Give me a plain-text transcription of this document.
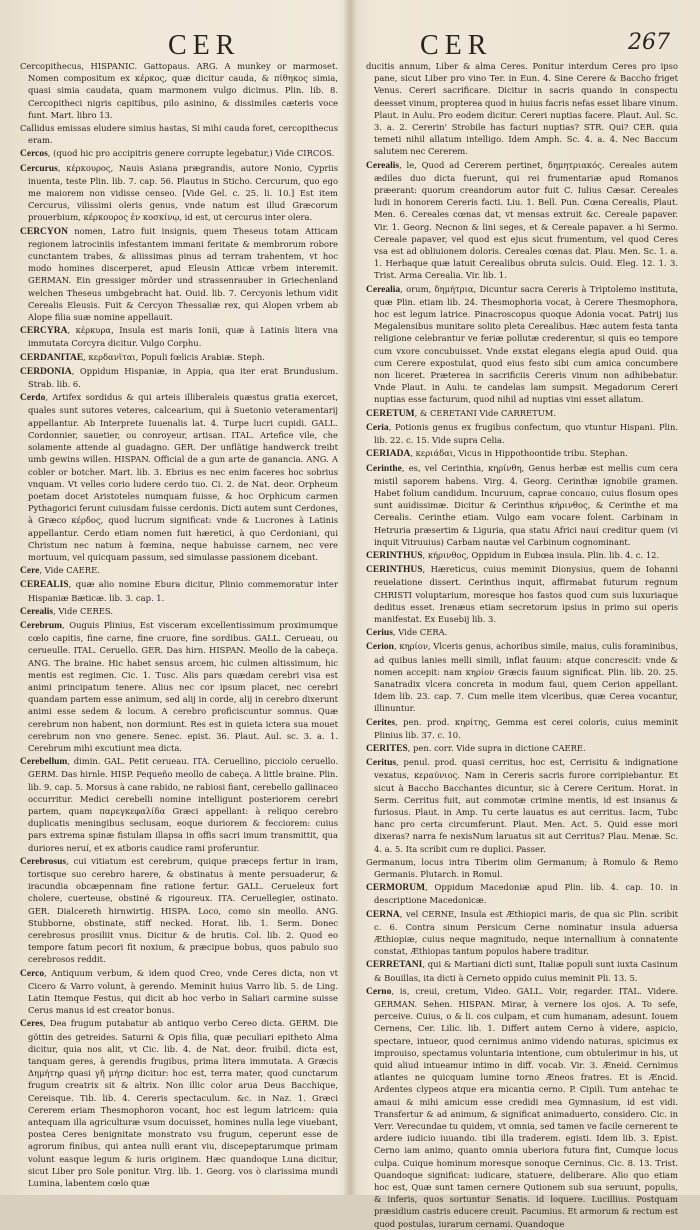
CER	CER	267

Cercopithecus, HISPANIC. Gattopaus. ARG. A munkey or marmoset. Nomen compositum ex κέρκος, quæ dicitur cauda, & πίθηκος simia, quasi simia caudata, quam marmonem vulgo dicimus. Plin. lib. 8. Cercopitheci nigris capitibus, pilo asinino, & dissimiles cæteris voce funt. Mart. libro 13.

Callidus emissas eludere simius hastas, Si mihi cauda foret, cercopithecus eram.

Cercos, (quod hic pro accipitris genere corrupte legebatur,) Vide CIRCOS.

Cercurus, κέρκουρος, Nauis Asiana prægrandis, autore Nonio, Cypriis inuenta, teste Plin. lib. 7. cap. 56. Plautus in Sticho. Cercurum, quo ego me maiorem non vidisse censeo. [Vide Gel. c. 25. li. 10.] Est item Cercurus, vilissimi oleris genus, vnde natum est illud Græcorum prouerbium, κέρκουρος ἐν κοσκίνῳ, id est, ut cercurus inter olera.

CERCYON nomen, Latro fuit insignis, quem Theseus totam Atticam regionem latrociniis infestantem immani feritate & membrorum robore cunctantem trabes, & aliissimas pinus ad terram trahentem, vt hoc modo homines discerperet, apud Eleusin Atticæ vrbem interemit. GERMAN. Ein gressiger mörder und strassenrauber in Griechenland welchen Theseus umbgebracht hat. Ouid. lib. 7. Cercyonis lethum vidit Cerealis Eleusis. Fuit & Cercyon Thessaliæ rex, qui Alopen vrbem ab Alope filia suæ nomine appellauit.

CERCYRA, κέρκυρα, Insula est maris Ionii, quæ à Latinis litera vna immutata Corcyra dicitur. Vulgo Corphu.

CERDANITAE, κερδανῖται, Populi fœlicis Arabiæ. Steph.

CERDONIA, Oppidum Hispaniæ, in Appia, qua iter erat Brundusium. Strab. lib. 6.

Cerdo, Artifex sordidus & qui arteis illiberaleis quæstus gratia exercet, quales sunt sutores veteres, calcearium, qui à Suetonio veteramentarij appellantur. Ab Interprete Iuuenalis lat. 4. Turpe lucri cupidi. GALL. Cordonnier, sauetier, ou conroyeur, artisan. ITAL. Artefice vile, che solamente attende al guadagno. GER. Der unflätige handwerck treibt umb gewins willen. HISPAN. Official de a gun arte de ganancia. ANG. A cobler or botcher. Mart. lib. 3. Ebrius es nec enim faceres hoc sobrius vnquam. Vt velles corio ludere cerdo tuo. Ci. 2. de Nat. deor. Orpheum poetam docet Aristoteles numquam fuisse, & hoc Orphicum carmen Pythagorici ferunt cuiusdam fuisse cerdonis. Dicti autem sunt Cerdones, à Græco κέρδος, quod lucrum significat: vnde & Lucrones à Latinis appellantur. Cerdo etiam nomen fuit hæretici, à quo Cerdoniani, qui Christum nec natum à fœmina, neque habuisse carnem, nec vere mortuum, vel quicquam passum, sed simulasse passionem dicebant.

Cere, Vide CAERE.

CEREALIS, quæ alio nomine Ebura dicitur, Plinio commemoratur inter Hispaniæ Bæticæ. lib. 3. cap. 1.

Cerealis, Vide CERES.

Cerebrum, Ouguis Plinius, Est visceram excellentissimum proximumque cœlo capitis, fine carne, fine cruore, fine sordibus. GALL. Cerueau, ou cerueulle. ITAL. Ceruello. GER. Das hirn. HISPAN. Meollo de la cabeça. ANG. The braine. Hic habet sensus arcem, hic culmen altissimum, hic mentis est regimen. Cic. 1. Tusc. Alis pars quædam cerebri visa est animi principatum tenere. Alius nec cor ipsum placet, nec cerebri quandam partem esse animum, sed alij in corde, alij in cerebro dixerunt animi esse sedem & locum. A cerebro proficiscuntur somnus. Quæ cerebrum non habent, non dormiunt. Res est in quieta ictera sua mouet cerebrum non vno genere. Senec. epist. 36. Plaut. Aul. sc. 3. a. 1. Cerebrum mihi excutiunt mea dicta.

Cerebellum, dimin. GAL. Petit cerueau. ITA. Ceruellino, picciolo ceruello. GERM. Das hirnle. HISP. Pequeño meollo de cabeça. A little braine. Plin. lib. 9. cap. 5. Morsus à cane rabido, ne rabiosi fiant, cerebello gallinaceo occurritur. Medici cerebelli nomine intelligunt posteriorem cerebri partem, quam παρεγκεφαλίδα Græci appellant: à reliquo cerebro duplicatis meningibus seclusam, eoque duriorem & fecciorem: cuius pars extrema spinæ fistulam illapsa in offis sacri imum transmittit, qua duriores neruí, et ex atboris caudice rami proferuntur.

Cerebrosus, cui vitiatum est cerebrum, quique præceps fertur in iram, tortisque suo cerebro harere, & obstinatus à mente persuaderur, & iracundia obcæpennam fine ratione fertur. GALL. Cerueleux fort cholere, cuerteuse, obstiné & rigoureux. ITA. Ceruellegier, ostinato. GER. Dialcereth hirnwirtig. HISPA. Loco, como sin meollo. ANG. Stubborne, obstinate, stiff necked. Horat. lib. 1. Serm. Donec cerebrosus prosiliit vnus. Dicitur & de brutis. Col. lib. 2. Quod eo tempore fatum pecori fit noxium, & præcipue bobus, quos pabulo suo cerebrosos reddit.

Cerco, Antiquum verbum, & idem quod Creo, vnde Ceres dicta, non vt Cicero & Varro volunt, à gerendo. Meminit huius Varro lib. 5. de Ling. Latin Itemque Festus, qui dicit ab hoc verbo in Saliari carmine suisse Cerus manus id est creator bonus.

Ceres, Dea frugum putabatur ab antiquo verbo Cereo dicta. GERM. Die göttin des getreides. Saturni & Opis filia, quæ peculiari epitheto Alma dicitur, quia nos alit, vt Cic. lib. 4. de Nat. deor. fruibil. dicta est, tanquam geres, à gerendis frugibus, prima litera immutata. A Græcis Δημήτηρ quasi γῆ μήτηρ dicitur: hoc est, terra mater, quod cunctarum frugum creatrix sit & altrix. Non illic color arua Deus Bacchique, Cereisque. Tib. lib. 4. Cereris spectaculum. &c. in Naz. 1. Græci Cererem eriam Thesmophoron vocant, hoc est legum latricem: quia antequam illa agriculturæ vsum docuisset, homines nulla lege viuebant, postea Ceres benignitate monstrato vsu frugum, ceperunt esse de agrorum finibus, qui antea nulli erant viu, discepeptarumque primam volunt easque legum & iuris originem. Hæc quandoque Luna dicitur, sicut Liber pro Sole ponitur. Virg. lib. 1. Georg. vos ò clarissima mundi Lumina, labentem cœlo quæ

ducitis annum, Liber & alma Ceres. Ponitur interdum Ceres pro ipso pane, sicut Liber pro vino Ter. in Eun. 4. Sine Cerere & Baccho friget Venus. Cereri sacrificare. Dicitur in sacris quando in conspectu deesset vinum, propterea quod in huius facris nefas esset libare vinum. Plaut. in Aulu. Pro eodem dicitur. Cereri nuptias facere. Plaut. Aul. Sc. 3. a. 2. Cererin' Strobile has facturi nuptias? STR. Qui? CER. quia temeti nihil allatum intelligo. Idem Amph. Sc. 4. a. 4. Nec Baccum salutem nec Cererem.

Cerealis, le, Quod ad Cererem pertinet, δημητριακός. Cereales autem ædiles duo dicta fuerunt, qui rei frumentariæ apud Romanos præerant: quorum creandorum autor fuit C. Iulius Cæsar. Cereales ludi in honorem Cereris facti. Liu. 1. Bell. Pun. Cœna Cerealis, Plaut. Men. 6. Cereales cœnas dat, vt mensas extruit &c. Cereale papaver. Vir. 1. Georg. Necnon & lini seges, et & Cereale papaver. a hi Sermo. Cereale papaver, vel quod est ejus sicut frumentum, vel quod Ceres vsa est ad obliuionem doloris. Cereales cœnas dat. Plau. Men. Sc. 1. a. 1. Herbaque quæ latuit Cerealibus obruta sulcis. Ouid. Eleg. 12. 1. 3. Trist. Arma Cerealia. Vir. lib. 1.

Cerealia, orum, δημήτρια, Dicuntur sacra Cereris à Triptolemo instituta, quæ Plin. etiam lib. 24. Thesmophoria vocat, à Cerere Thesmophora, hoc est legum latrice. Pinacroscopus quoque Adonia vocat. Patrij ius Megalensibus munitare solito pleta Cerealibus. Hæc autem festa tanta religione celebrantur ve feriæ pollutæ crederentur, si quis eo tempore cum vxore concubuisset. Vnde exstat elegans elegia apud Ouid. qua cum Cerere expostulat, quod eius festo sibi cum amica concumbere non liceret. Præterea in sacrificiis Cereris vinum non adhibebatur. Vnde Plaut. in Aulu. te candelas lam sumpsit. Megadorum Cereri nuptias esse facturum, quod nihil ad nuptias vini esset allatum.

CERETUM, & CERETANI Vide CARRETUM.

Ceria, Potionis genus ex frugibus confectum, quo vtuntur Hispani. Plin. lib. 22. c. 15. Vide supra Celia.

CERIADA, κεριάδαι, Vicus in Hippothoontide tribu. Stephan.

Cerinthe, es, vel Cerinthia, κηρίνθη, Genus herbæ est mellis cum cera mistil saporem habens. Virg. 4. Georg. Cerinthæ ignobile gramen. Habet folium candidum. Incuruum, caprae concauo, cuius flosum opes sunt auidissimæ. Dicitur & Cerinthus κήρινθος, & Cerinthe et ma Cerealis. Cerinthe etiam. Vulgo eam vocare folent. Carbinam in Hetruria præsertim & Liguria, qua statu Africi naui creditur quem (vi inquit Vitruuius) Carbam nautæ vel Carbinum cognominant.

CERINTHUS, κήρινθος, Oppidum in Eubœa insula. Plin. lib. 4. c. 12.

CERINTHUS, Hæreticus, cuius meminit Dionysius, quem de Iohanni reuelatione dissert. Cerinthus inquit, affirmabat futurum regnum CHRISTI voluptarium, moresque hos fastos quod cum suis luxuriaque deditus esset. Irenæus etiam secretorum ipsius in primo sui operis manifestat. Ex Eusebij lib. 3.

Cerius, Vide CERA.

Cerion, κηρίον, Vlceris genus, achoribus simile, maius, culis foraminibus, ad quibus lanies melli simili, inflat fauum: atque concrescit: vnde & nomen accepit: nam κηρίον Græcis fauum significat. Plin. lib. 20. 25. Sanatradix vlcera concreta in modum faui, quem Cerion appellant. Idem lib. 23. cap. 7. Cum melle item vlceribus, quæ Cerea vocantur, illinuntur.

Cerites, pen. prod. κηρίτης, Gemma est cerei coloris, cuius meminit Plinius lib. 37. c. 10.

CERITES, pen. corr. Vide supra in dictione CAERE.

Ceritus, penul. prod. quasi cerritus, hoc est, Cerrisitu & indignatione vexatus, κεραύνιος. Nam in Cereris sacris furore corripiebantur. Et sicut à Baccho Bacchantes dicuntur, sic à Cerere Ceritum. Horat. in Serm. Cerritus fuit, aut commotæ crimine mentis, id est insanus & furiosus. Plaut. in Amp. Tu certe lauatus es aut cerritus. Iacm, Tubc hanc pro certa circumferunt. Plaut. Men. Act. 5. Quid esse mori dixeras? narra fe nexisNum laruatus sit aut Cerritus? Plau. Menæ. Sc. 4. a. 5. Ita scribit cum re duplici. Passer.

Germanum, locus intra Tiberim olim Germanum; à Romulo & Remo Germanis. Plutarch. in Romul.

CERMORUM, Oppidum Macedoniæ apud Plin. lib. 4. cap. 10. in descriptione Macedonicæ.

CERNA, vel CERNE, Insula est Æthiopici maris, de qua sic Plin. scribit c. 6. Contra sinum Persicum Cerne nominatur insula aduersa Æthiopiæ, cuius neque magnitudo, neque internallium à connatente constat, Æthiopas tantum populos habere traditur.

CERRETANI, qui & Martiani dicti sunt, Italiæ populi sunt iuxta Casinum & Bouillas, ita dicti à Cerneto oppido cuius meminit Pli. 13. 5.

Cerno, is, creui, cretum, Video. GALL. Voir, regarder. ITAL. Videre. GERMAN. Sehen. HISPAN. Mirar, à vernere los ojos. A. To sefe, perceive. Cuius, o & li. cos culpam, et cum humanam, adesunt. Iouem Cernens, Cer. Lilic. lib. 1. Differt autem Cerno à videre, aspicio, spectare, intueor, quod cernimus animo videndo naturas, spicimus ex improuiso, spectamus voluntaria intentione, cum obtulerimur in his, ut quid aliud intueamur intimo in diff. vocab. Vir. 3. Æneid. Cernimus atlantes ne quicquam lumine torno Æneos fratres. Et is Æncid. Ardentes clypeos atque era micantia cerno. P. Cipili. Tum antehac te amaui & mihi amicum esse credidi mea Gymnasium, id est vidi. Transfertur & ad animum, & significat animaduerto, considero. Cic. in Verr. Verecundae tu quidem, vt omnia, sed tamen ve facile cernerent te ardere iudicio iuuando. tibi illa traderem. egisti. Idem lib. 3. Epist. Cerno iam animo, quanto omnia uberiora futura fint, Cumque locus culpa. Cuique hominum moresque sonoque Cerninus. Cic. 8. 13. Trist. Quandoque significat: iudicare, statuere, deliberare. Alio quo etiam hoc est, Quæ sunt tamen cernere Qutionem sub sua seruunt, populis, & inferis, quos sortuntur Senatis. id loquere. Lucillius. Postquam præsidium castris educere creuit. Pacumius. Et armorum & rectum est quod postulas, iurarum cernami. Quandoque
